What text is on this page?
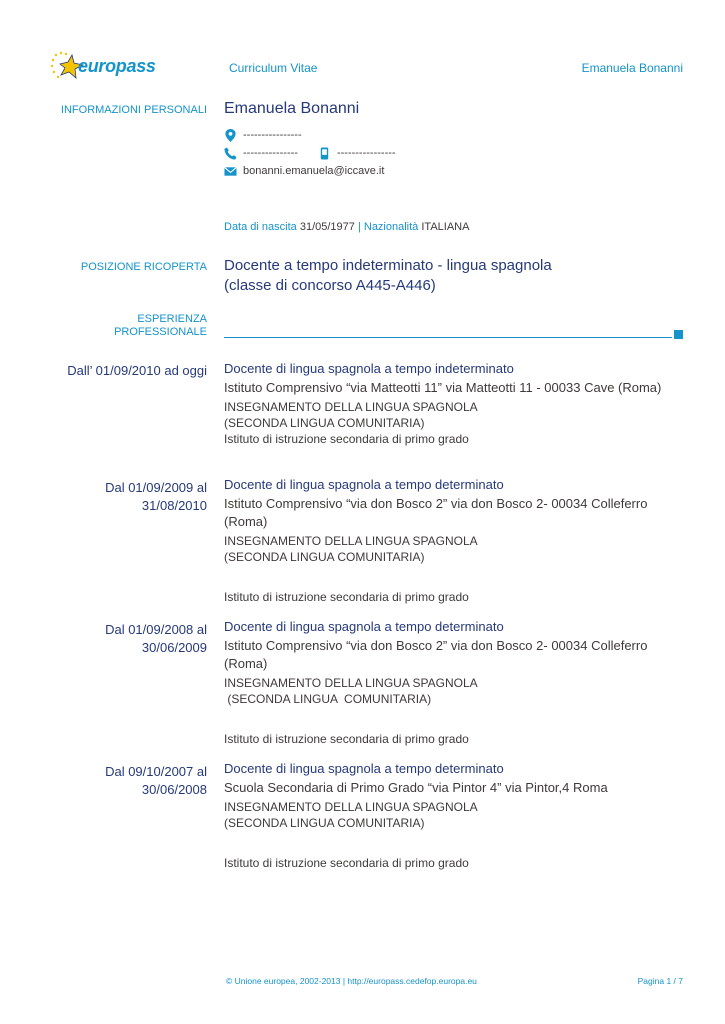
europass	Curriculum Vitae	Emanuela Bonanni
INFORMAZIONI PERSONALI Emanuela Bonanni
----------------
---------------	----------------
bonanni.emanuela@iccave.it
Data di nascita 31/05/1977 | Nazionalità ITALIANA
POSIZIONE RICOPERTA Docente a tempo indeterminato - lingua spagnola
(classe di concorso A445-A446)
ESPERIENZA
PROFESSIONALE
Dall’ 01/09/2010 ad oggi Docente di lingua spagnola a tempo indeterminato
Istituto Comprensivo “via Matteotti 11” via Matteotti 11 - 00033 Cave (Roma)
INSEGNAMENTO DELLA LINGUA SPAGNOLA
(SECONDA LINGUA COMUNITARIA)
Istituto di istruzione secondaria di primo grado
Dal 01/09/2009 al
31/08/2010
Docente di lingua spagnola a tempo determinato
Istituto Comprensivo “via don Bosco 2” via don Bosco 2- 00034 Colleferro (Roma)
INSEGNAMENTO DELLA LINGUA SPAGNOLA
(SECONDA LINGUA COMUNITARIA)
Istituto di istruzione secondaria di primo grado
Dal 01/09/2008 al
30/06/2009
Docente di lingua spagnola a tempo determinato
Istituto Comprensivo “via don Bosco 2” via don Bosco 2- 00034 Colleferro (Roma)
INSEGNAMENTO DELLA LINGUA SPAGNOLA
(SECONDA LINGUA  COMUNITARIA)
Istituto di istruzione secondaria di primo grado
Dal 09/10/2007 al
30/06/2008
Docente di lingua spagnola a tempo determinato
Scuola Secondaria di Primo Grado “via Pintor 4” via Pintor,4 Roma
INSEGNAMENTO DELLA LINGUA SPAGNOLA
(SECONDA LINGUA COMUNITARIA)
Istituto di istruzione secondaria di primo grado
© Unione europea, 2002-2013 | http://europass.cedefop.europa.eu	Pagina 1 / 7
